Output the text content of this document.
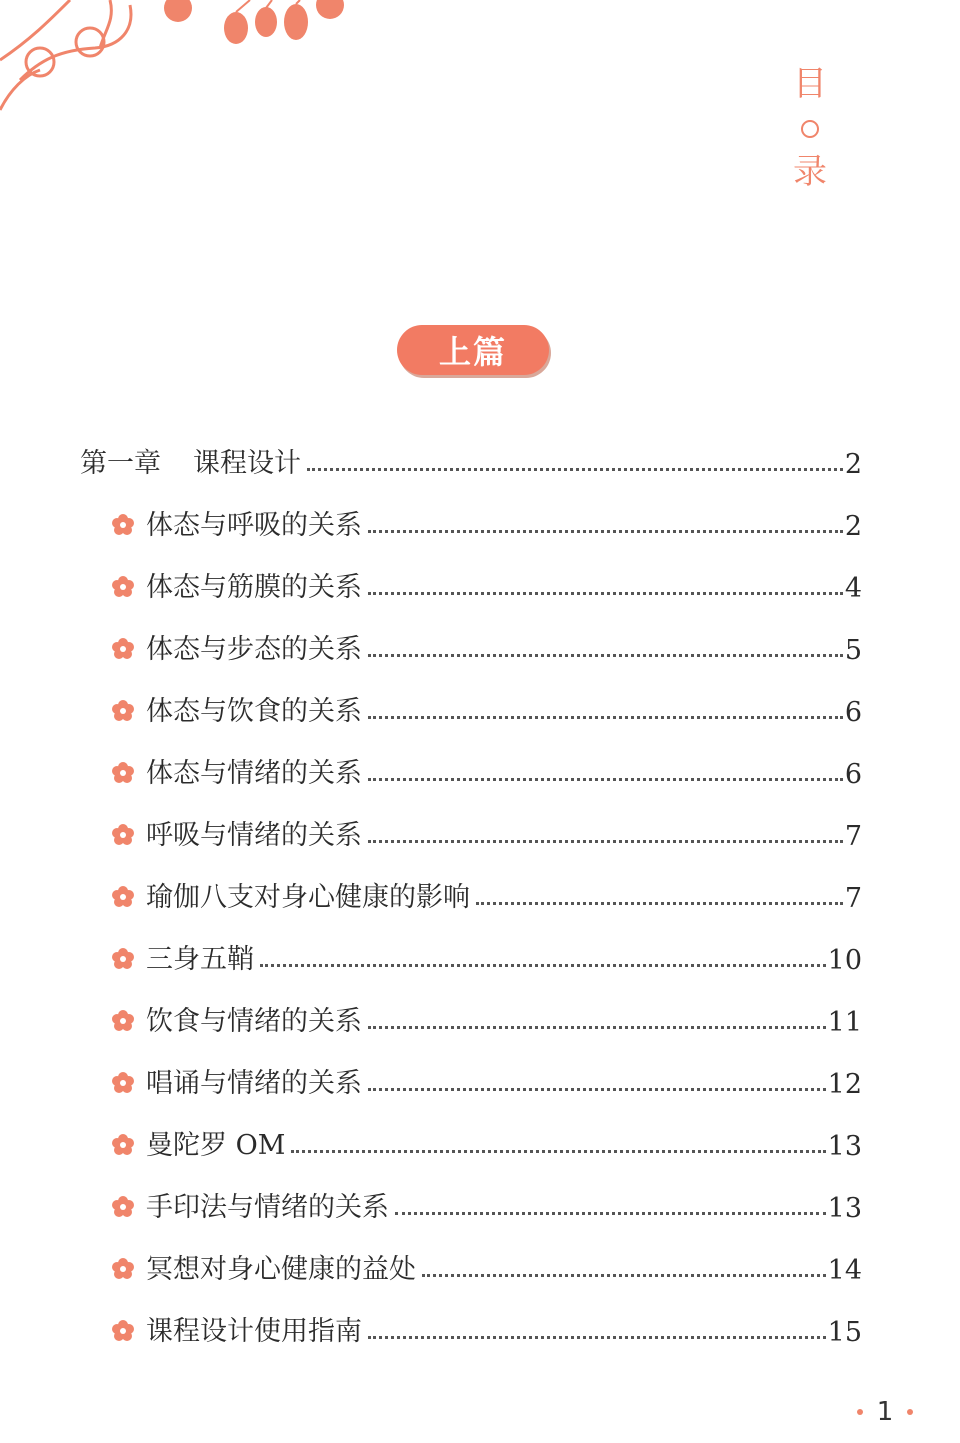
目
录
上篇
第一章 课程设计	2
体态与呼吸的关系	2
体态与筋膜的关系	4
体态与步态的关系	5
体态与饮食的关系	6
体态与情绪的关系	6
呼吸与情绪的关系	7
瑜伽八支对身心健康的影响	7
三身五鞘	10
饮食与情绪的关系	11
唱诵与情绪的关系	12
曼陀罗 OM	13
手印法与情绪的关系	13
冥想对身心健康的益处	14
课程设计使用指南	15
1
